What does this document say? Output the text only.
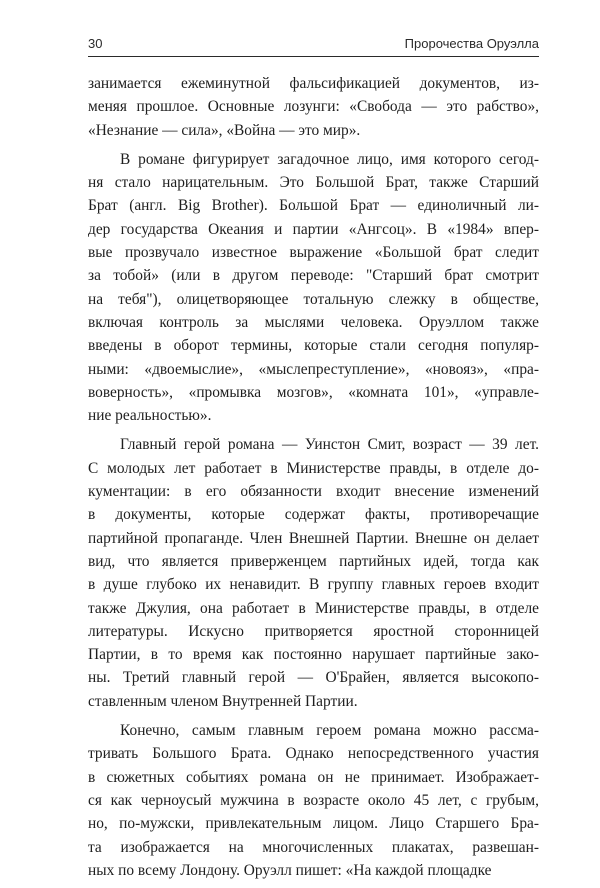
30	Пророчества Оруэлла
занимается ежеминутной фальсификацией документов, из-
меняя прошлое. Основные лозунги: «Свобода — это рабство»,
«Незнание — сила», «Война — это мир».
В романе фигурирует загадочное лицо, имя которого сегод-
ня стало нарицательным. Это Большой Брат, также Старший
Брат (англ. Big Brother). Большой Брат — единоличный ли-
дер государства Океания и партии «Ангсоц». В «1984» впер-
вые прозвучало известное выражение «Большой брат следит
за тобой» (или в другом переводе: "Старший брат смотрит
на тебя"), олицетворяющее тотальную слежку в обществе,
включая контроль за мыслями человека. Оруэллом также
введены в оборот термины, которые стали сегодня популяр-
ными: «двоемыслие», «мыслепреступление», «новояз», «пра-
воверность», «промывка мозгов», «комната 101», «управле-
ние реальностью».
Главный герой романа — Уинстон Смит, возраст — 39 лет.
С молодых лет работает в Министерстве правды, в отделе до-
кументации: в его обязанности входит внесение изменений
в документы, которые содержат факты, противоречащие
партийной пропаганде. Член Внешней Партии. Внешне он делает
вид, что является приверженцем партийных идей, тогда как
в душе глубоко их ненавидит. В группу главных героев входит
также Джулия, она работает в Министерстве правды, в отделе
литературы. Искусно притворяется яростной сторонницей
Партии, в то время как постоянно нарушает партийные зако-
ны. Третий главный герой — О'Брайен, является высокопо-
ставленным членом Внутренней Партии.
Конечно, самым главным героем романа можно рассма-
тривать Большого Брата. Однако непосредственного участия
в сюжетных событиях романа он не принимает. Изображает-
ся как черноусый мужчина в возрасте около 45 лет, с грубым,
но, по-мужски, привлекательным лицом. Лицо Старшего Бра-
та изображается на многочисленных плакатах, развешан-
ных по всему Лондону. Оруэлл пишет: «На каждой площадке
